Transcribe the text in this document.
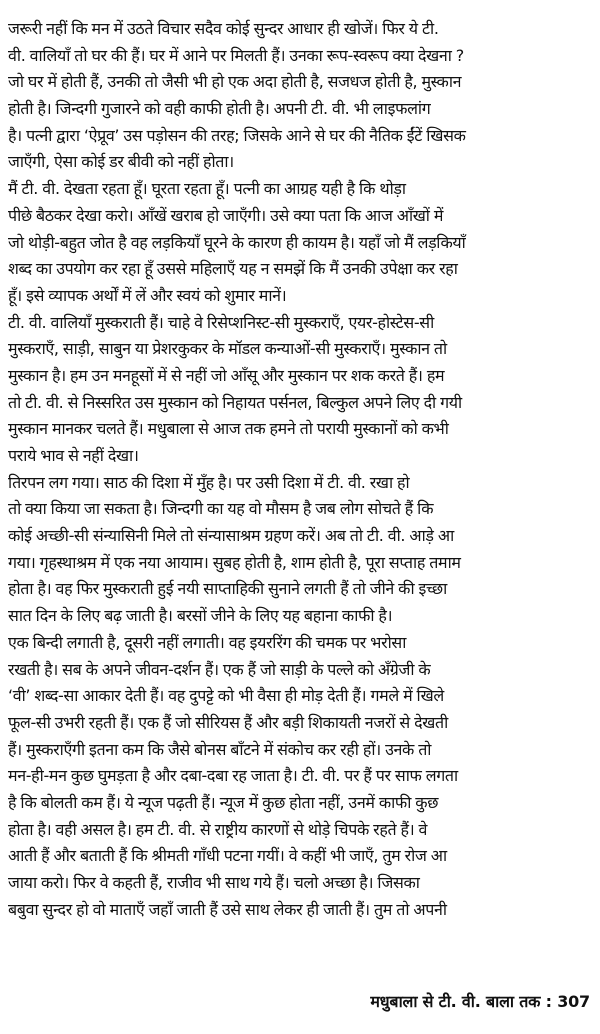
जरूरी नहीं कि मन में उठते विचार सदैव कोई सुन्दर आधार ही खोजें। फिर ये टी.
वी. वालियाँ तो घर की हैं। घर में आने पर मिलती हैं। उनका रूप-स्वरूप क्या देखना ?
जो घर में होती हैं, उनकी तो जैसी भी हो एक अदा होती है, सजधज होती है, मुस्कान
होती है। जिन्दगी गुजारने को वही काफी होती है। अपनी टी. वी. भी लाइफलांग
है। पत्नी द्वारा ‘ऐप्रूव’ उस पड़ोसन की तरह; जिसके आने से घर की नैतिक ईंटें खिसक
जाएँगी, ऐसा कोई डर बीवी को नहीं होता।
मैं टी. वी. देखता रहता हूँ। घूरता रहता हूँ। पत्नी का आग्रह यही है कि थोड़ा
पीछे बैठकर देखा करो। आँखें खराब हो जाएँगी। उसे क्या पता कि आज आँखों में
जो थोड़ी-बहुत जोत है वह लड़कियाँ घूरने के कारण ही कायम है। यहाँ जो मैं लड़कियाँ
शब्द का उपयोग कर रहा हूँ उससे महिलाएँ यह न समझें कि मैं उनकी उपेक्षा कर रहा
हूँ। इसे व्यापक अर्थों में लें और स्वयं को शुमार मानें।
टी. वी. वालियाँ मुस्कराती हैं। चाहे वे रिसेप्शनिस्ट-सी मुस्कराएँ, एयर-होस्टेस-सी
मुस्कराएँ, साड़ी, साबुन या प्रेशरकुकर के मॉडल कन्याओं-सी मुस्कराएँ। मुस्कान तो
मुस्कान है। हम उन मनहूसों में से नहीं जो आँसू और मुस्कान पर शक करते हैं। हम
तो टी. वी. से निस्सरित उस मुस्कान को निहायत पर्सनल, बिल्कुल अपने लिए दी गयी
मुस्कान मानकर चलते हैं। मधुबाला से आज तक हमने तो परायी मुस्कानों को कभी
पराये भाव से नहीं देखा।
तिरपन लग गया। साठ की दिशा में मुँह है। पर उसी दिशा में टी. वी. रखा हो
तो क्या किया जा सकता है। जिन्दगी का यह वो मौसम है जब लोग सोचते हैं कि
कोई अच्छी-सी संन्यासिनी मिले तो संन्यासाश्रम ग्रहण करें। अब तो टी. वी. आड़े आ
गया। गृहस्थाश्रम में एक नया आयाम। सुबह होती है, शाम होती है, पूरा सप्ताह तमाम
होता है। वह फिर मुस्कराती हुई नयी साप्ताहिकी सुनाने लगती हैं तो जीने की इच्छा
सात दिन के लिए बढ़ जाती है। बरसों जीने के लिए यह बहाना काफी है।
एक बिन्दी लगाती है, दूसरी नहीं लगाती। वह इयररिंग की चमक पर भरोसा
रखती है। सब के अपने जीवन-दर्शन हैं। एक हैं जो साड़ी के पल्ले को अँग्रेजी के
‘वी’ शब्द-सा आकार देती हैं। वह दुपट्टे को भी वैसा ही मोड़ देती हैं। गमले में खिले
फूल-सी उभरी रहती हैं। एक हैं जो सीरियस हैं और बड़ी शिकायती नजरों से देखती
हैं। मुस्कराएँगी इतना कम कि जैसे बोनस बाँटने में संकोच कर रही हों। उनके तो
मन-ही-मन कुछ घुमड़ता है और दबा-दबा रह जाता है। टी. वी. पर हैं पर साफ लगता
है कि बोलती कम हैं। ये न्यूज पढ़ती हैं। न्यूज में कुछ होता नहीं, उनमें काफी कुछ
होता है। वही असल है। हम टी. वी. से राष्ट्रीय कारणों से थोड़े चिपके रहते हैं। वे
आती हैं और बताती हैं कि श्रीमती गाँधी पटना गयीं। वे कहीं भी जाएँ, तुम रोज आ
जाया करो। फिर वे कहती हैं, राजीव भी साथ गये हैं। चलो अच्छा है। जिसका
बबुवा सुन्दर हो वो माताएँ जहाँ जाती हैं उसे साथ लेकर ही जाती हैं। तुम तो अपनी
मधुबाला से टी. वी. बाला तक : 307
